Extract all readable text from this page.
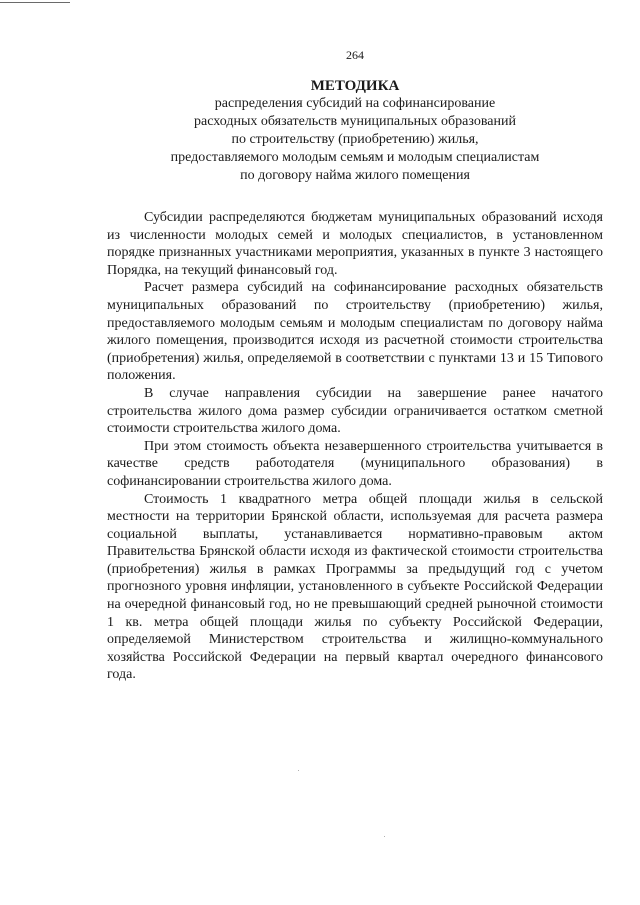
264
МЕТОДИКА
распределения субсидий на софинансирование
расходных обязательств муниципальных образований
по строительству (приобретению) жилья,
предоставляемого молодым семьям и молодым специалистам
по договору найма жилого помещения

Субсидии распределяются бюджетам муниципальных образований исходя из численности молодых семей и молодых специалистов, в установленном порядке признанных участниками мероприятия, указанных в пункте 3 настоящего Порядка, на текущий финансовый год.

Расчет размера субсидий на софинансирование расходных обязательств муниципальных образований по строительству (приобретению) жилья, предоставляемого молодым семьям и молодым специалистам по договору найма жилого помещения, производится исходя из расчетной стоимости строительства (приобретения) жилья, определяемой в соответствии с пунктами 13 и 15 Типового положения.

В случае направления субсидии на завершение ранее начатого строительства жилого дома размер субсидии ограничивается остатком сметной стоимости строительства жилого дома.

При этом стоимость объекта незавершенного строительства учитывается в качестве средств работодателя (муниципального образования) в софинансировании строительства жилого дома.

Стоимость 1 квадратного метра общей площади жилья в сельской местности на территории Брянской области, используемая для расчета размера социальной выплаты, устанавливается нормативно-правовым актом Правительства Брянской области исходя из фактической стоимости строительства (приобретения) жилья в рамках Программы за предыдущий год с учетом прогнозного уровня инфляции, установленного в субъекте Российской Федерации на очередной финансовый год, но не превышающий средней рыночной стоимости 1 кв. метра общей площади жилья по субъекту Российской Федерации, определяемой Министерством строительства и жилищно-коммунального хозяйства Российской Федерации на первый квартал очередного финансового года.
